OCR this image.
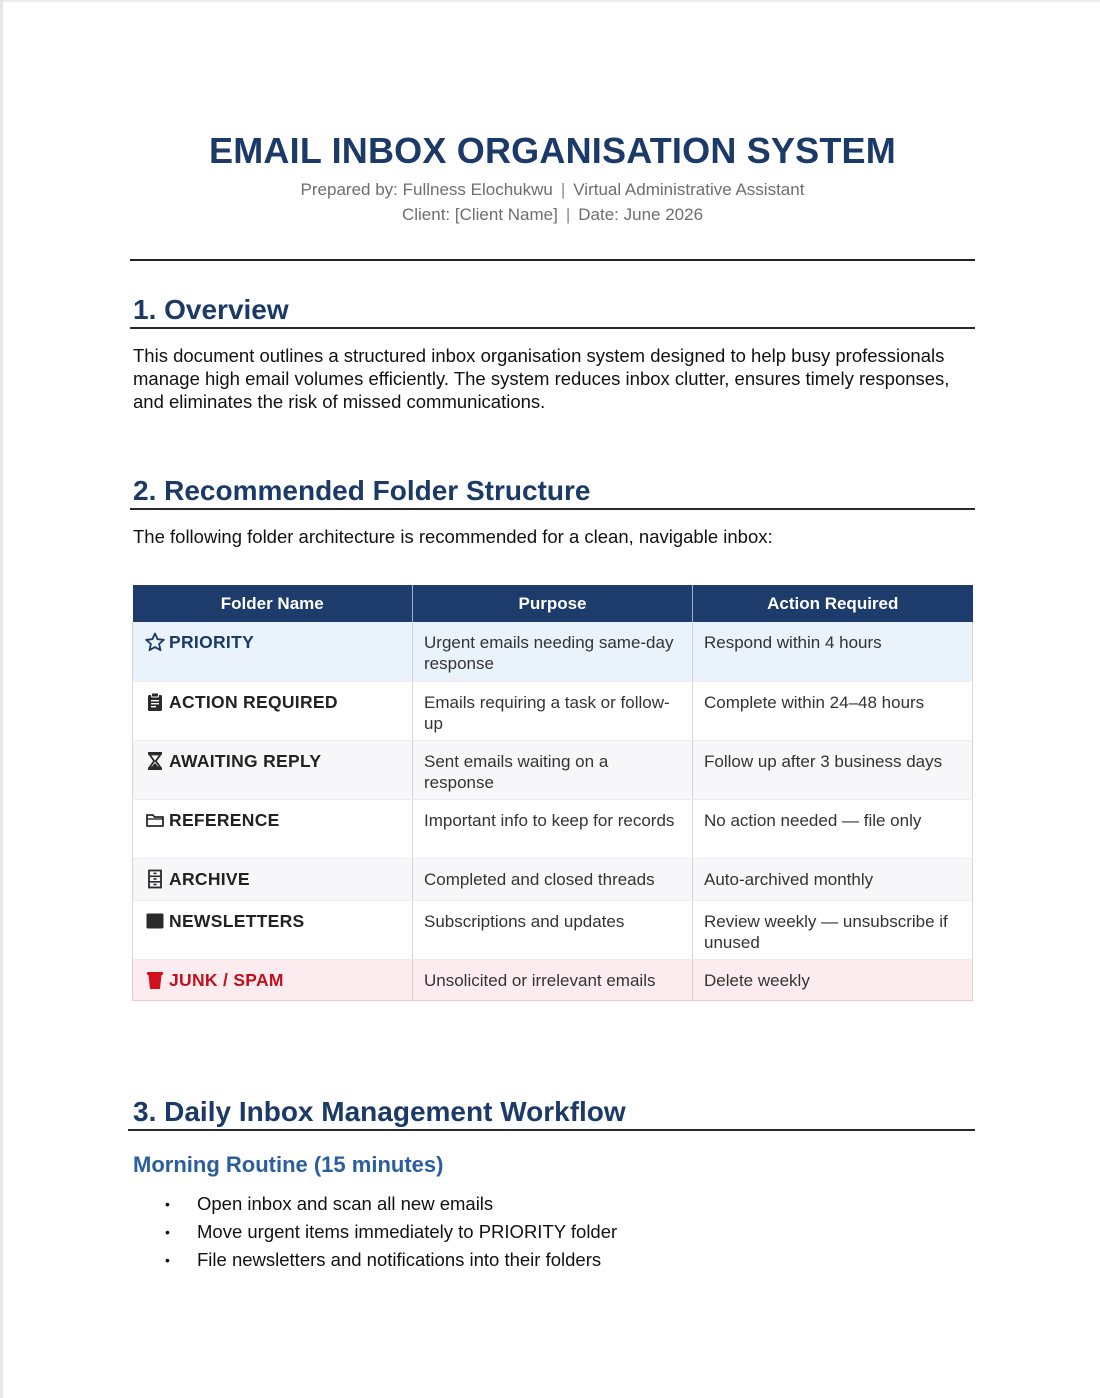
EMAIL INBOX ORGANISATION SYSTEM
Prepared by: Fullness Elochukwu | Virtual Administrative Assistant
Client: [Client Name] | Date: June 2026
1. Overview

This document outlines a structured inbox organisation system designed to help busy professionals manage high email volumes efficiently. The system reduces inbox clutter, ensures timely responses, and eliminates the risk of missed communications.

2. Recommended Folder Structure

The following folder architecture is recommended for a clean, navigable inbox:

Folder Name	Purpose	Action Required
PRIORITY	Urgent emails needing same-day response	Respond within 4 hours
ACTION REQUIRED	Emails requiring a task or follow-up	Complete within 24–48 hours
AWAITING REPLY	Sent emails waiting on a response	Follow up after 3 business days
REFERENCE	Important info to keep for records	No action needed — file only
ARCHIVE	Completed and closed threads	Auto-archived monthly
NEWSLETTERS	Subscriptions and updates	Review weekly — unsubscribe if unused
JUNK / SPAM	Unsolicited or irrelevant emails	Delete weekly
3. Daily Inbox Management Workflow
Morning Routine (15 minutes)
• Open inbox and scan all new emails
• Move urgent items immediately to PRIORITY folder
• File newsletters and notifications into their folders
